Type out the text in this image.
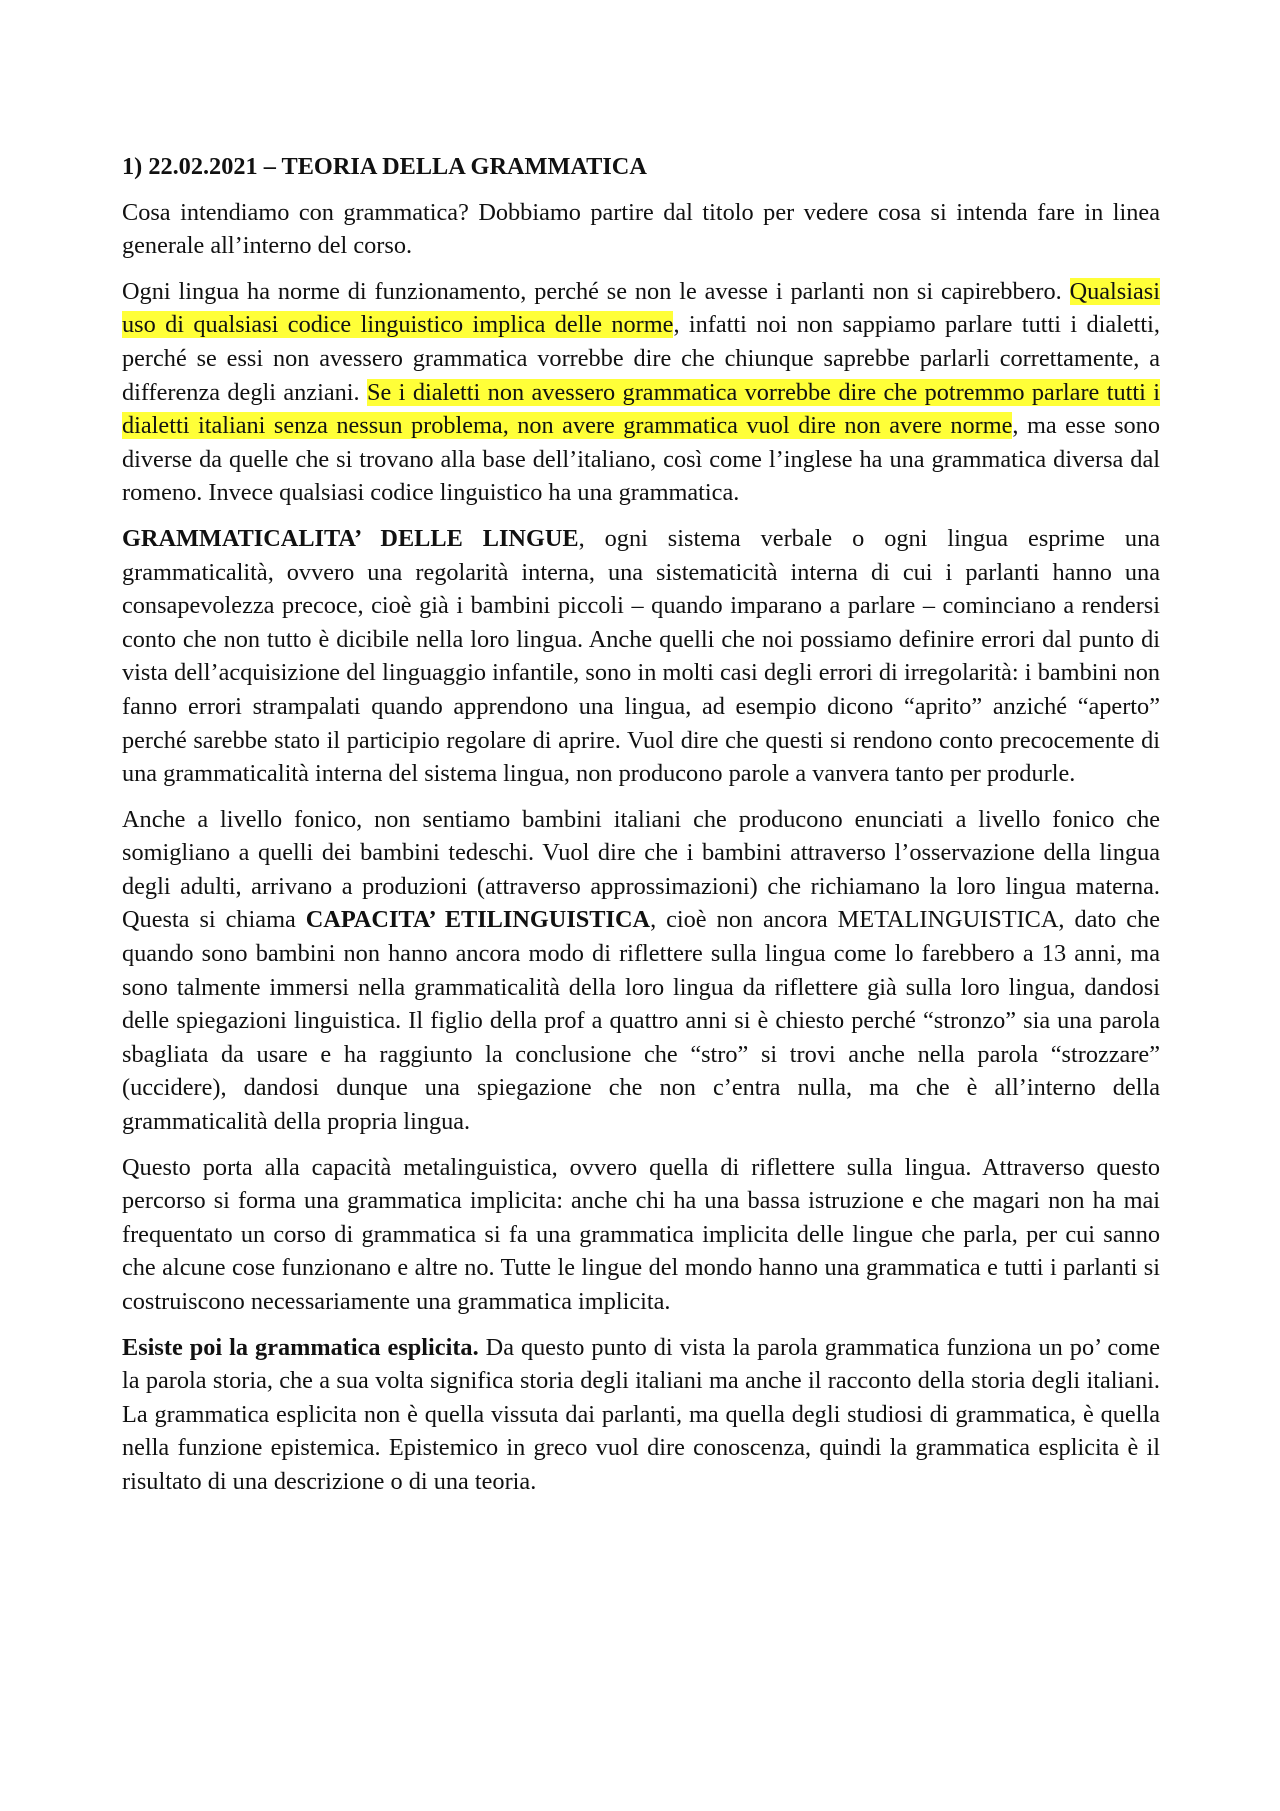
1) 22.02.2021 – TEORIA DELLA GRAMMATICA

Cosa intendiamo con grammatica? Dobbiamo partire dal titolo per vedere cosa si intenda fare in linea generale all’interno del corso.

Ogni lingua ha norme di funzionamento, perché se non le avesse i parlanti non si capirebbero. Qualsiasi uso di qualsiasi codice linguistico implica delle norme, infatti noi non sappiamo parlare tutti i dialetti, perché se essi non avessero grammatica vorrebbe dire che chiunque saprebbe parlarli correttamente, a differenza degli anziani. Se i dialetti non avessero grammatica vorrebbe dire che potremmo parlare tutti i dialetti italiani senza nessun problema, non avere grammatica vuol dire non avere norme, ma esse sono diverse da quelle che si trovano alla base dell’italiano, così come l’inglese ha una grammatica diversa dal romeno. Invece qualsiasi codice linguistico ha una grammatica.

GRAMMATICALITA’ DELLE LINGUE, ogni sistema verbale o ogni lingua esprime una grammaticalità, ovvero una regolarità interna, una sistematicità interna di cui i parlanti hanno una consapevolezza precoce, cioè già i bambini piccoli – quando imparano a parlare – cominciano a rendersi conto che non tutto è dicibile nella loro lingua. Anche quelli che noi possiamo definire errori dal punto di vista dell’acquisizione del linguaggio infantile, sono in molti casi degli errori di irregolarità: i bambini non fanno errori strampalati quando apprendono una lingua, ad esempio dicono “aprito” anziché “aperto” perché sarebbe stato il participio regolare di aprire. Vuol dire che questi si rendono conto precocemente di una grammaticalità interna del sistema lingua, non producono parole a vanvera tanto per produrle.

Anche a livello fonico, non sentiamo bambini italiani che producono enunciati a livello fonico che somigliano a quelli dei bambini tedeschi. Vuol dire che i bambini attraverso l’osservazione della lingua degli adulti, arrivano a produzioni (attraverso approssimazioni) che richiamano la loro lingua materna. Questa si chiama CAPACITA’ ETILINGUISTICA, cioè non ancora METALINGUISTICA, dato che quando sono bambini non hanno ancora modo di riflettere sulla lingua come lo farebbero a 13 anni, ma sono talmente immersi nella grammaticalità della loro lingua da riflettere già sulla loro lingua, dandosi delle spiegazioni linguistica. Il figlio della prof a quattro anni si è chiesto perché “stronzo” sia una parola sbagliata da usare e ha raggiunto la conclusione che “stro” si trovi anche nella parola “strozzare” (uccidere), dandosi dunque una spiegazione che non c’entra nulla, ma che è all’interno della grammaticalità della propria lingua.

Questo porta alla capacità metalinguistica, ovvero quella di riflettere sulla lingua. Attraverso questo percorso si forma una grammatica implicita: anche chi ha una bassa istruzione e che magari non ha mai frequentato un corso di grammatica si fa una grammatica implicita delle lingue che parla, per cui sanno che alcune cose funzionano e altre no. Tutte le lingue del mondo hanno una grammatica e tutti i parlanti si costruiscono necessariamente una grammatica implicita.

Esiste poi la grammatica esplicita. Da questo punto di vista la parola grammatica funziona un po’ come la parola storia, che a sua volta significa storia degli italiani ma anche il racconto della storia degli italiani. La grammatica esplicita non è quella vissuta dai parlanti, ma quella degli studiosi di grammatica, è quella nella funzione epistemica. Epistemico in greco vuol dire conoscenza, quindi la grammatica esplicita è il risultato di una descrizione o di una teoria.
